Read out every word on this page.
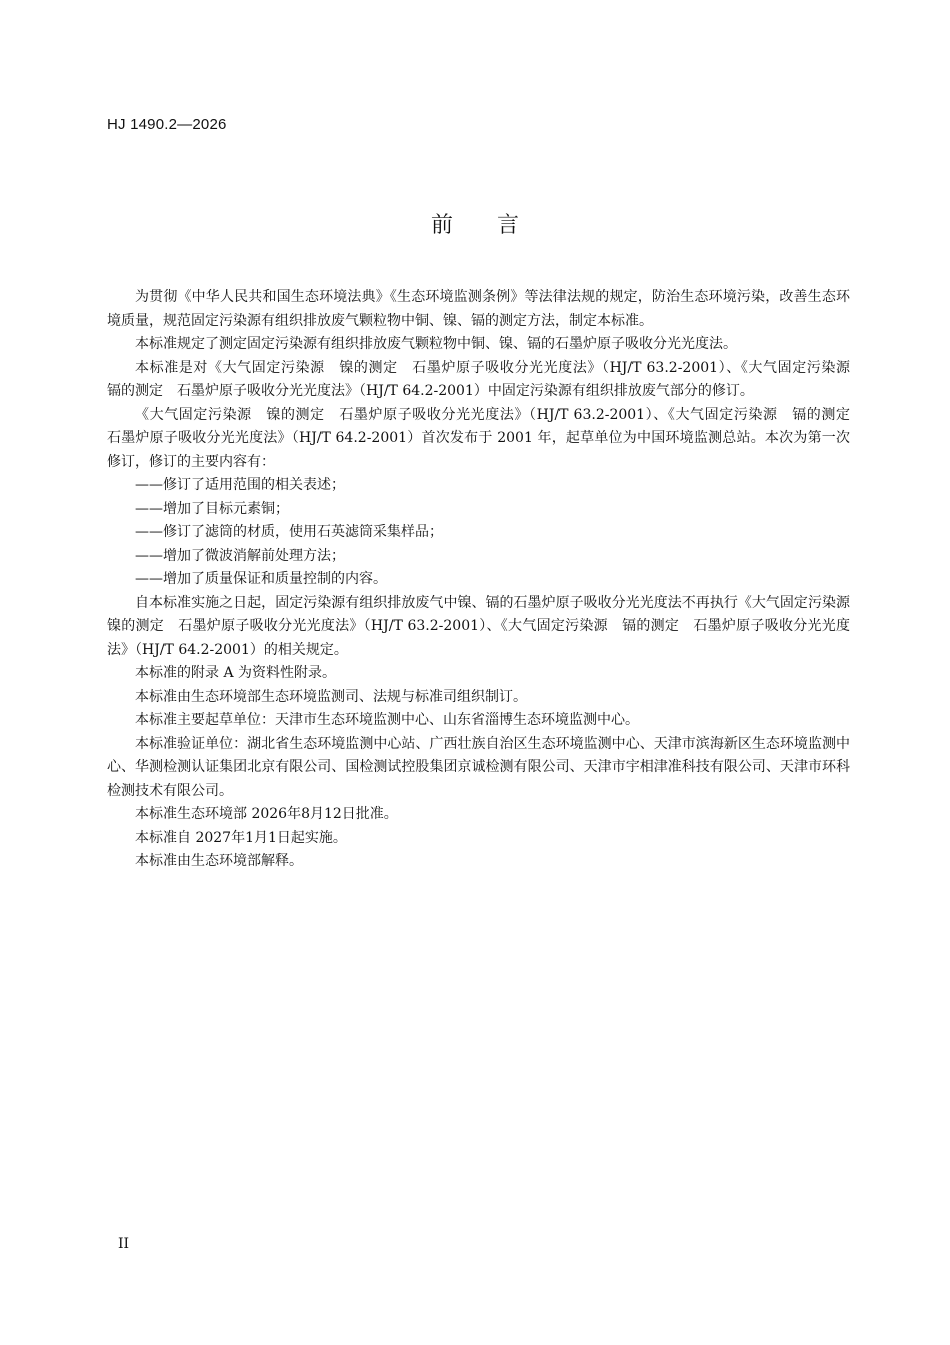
HJ 1490.2—2026
前言

为贯彻《中华人民共和国生态环境法典》《生态环境监测条例》等法律法规的规定，防治生态环境污染，改善生态环境质量，规范固定污染源有组织排放废气颗粒物中铜、镍、镉的测定方法，制定本标准。

本标准规定了测定固定污染源有组织排放废气颗粒物中铜、镍、镉的石墨炉原子吸收分光光度法。

本标准是对《大气固定污染源　镍的测定　石墨炉原子吸收分光光度法》（HJ/T 63.2-2001）、《大气固定污染源　镉的测定　石墨炉原子吸收分光光度法》（HJ/T 64.2-2001）中固定污染源有组织排放废气部分的修订。

《大气固定污染源　镍的测定　石墨炉原子吸收分光光度法》（HJ/T 63.2-2001）、《大气固定污染源　镉的测定　石墨炉原子吸收分光光度法》（HJ/T 64.2-2001）首次发布于 2001 年，起草单位为中国环境监测总站。本次为第一次修订，修订的主要内容有：

——修订了适用范围的相关表述；

——增加了目标元素铜；

——修订了滤筒的材质，使用石英滤筒采集样品；

——增加了微波消解前处理方法；

——增加了质量保证和质量控制的内容。

自本标准实施之日起，固定污染源有组织排放废气中镍、镉的石墨炉原子吸收分光光度法不再执行《大气固定污染源　镍的测定　石墨炉原子吸收分光光度法》（HJ/T 63.2-2001）、《大气固定污染源　镉的测定　石墨炉原子吸收分光光度法》（HJ/T 64.2-2001）的相关规定。

本标准的附录 A 为资料性附录。

本标准由生态环境部生态环境监测司、法规与标准司组织制订。

本标准主要起草单位：天津市生态环境监测中心、山东省淄博生态环境监测中心。

本标准验证单位：湖北省生态环境监测中心站、广西壮族自治区生态环境监测中心、天津市滨海新区生态环境监测中心、华测检测认证集团北京有限公司、国检测试控股集团京诚检测有限公司、天津市宇相津准科技有限公司、天津市环科检测技术有限公司。

本标准生态环境部 2026年8月12日批准。

本标准自 2027年1月1日起实施。

本标准由生态环境部解释。

II
